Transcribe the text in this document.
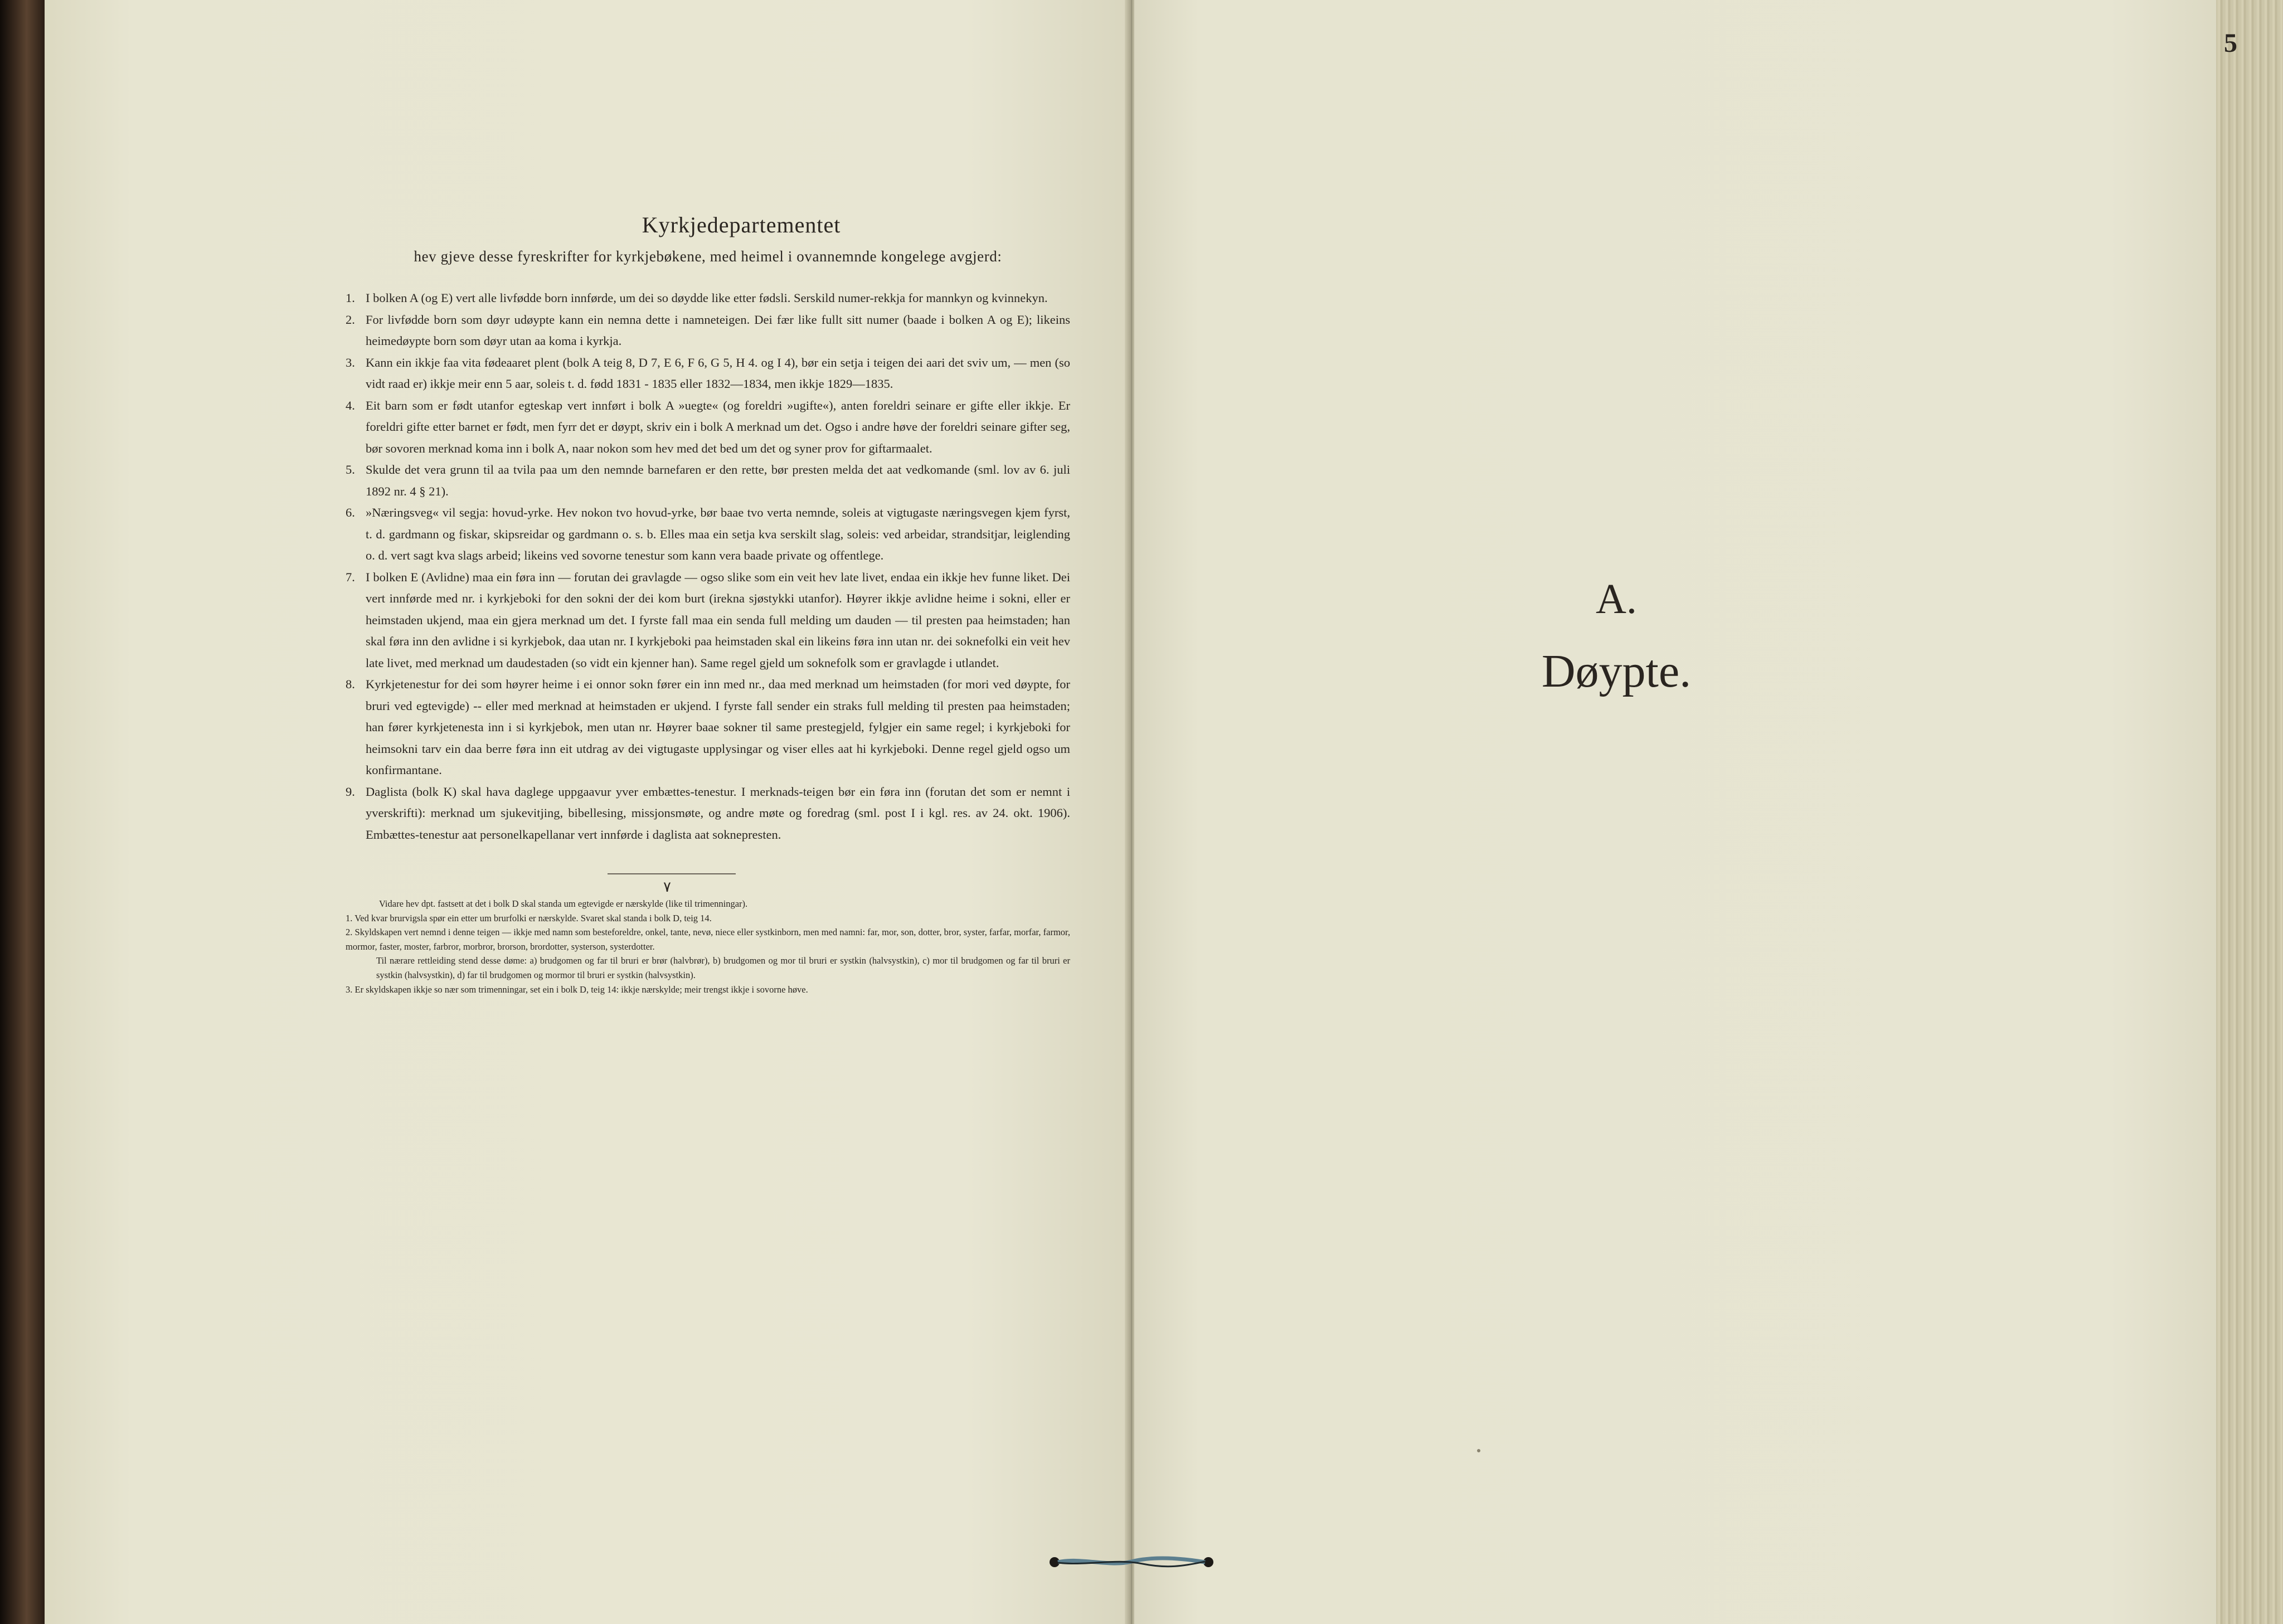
Kyrkjedepartementet

hev gjeve desse fyreskrifter for kyrkjebøkene, med heimel i ovannemnde kongelege avgjerd:

1. I bolken A (og E) vert alle livfødde born innførde, um dei so døydde like etter fødsli. Serskild numer-rekkja for mannkyn og kvinnekyn.
2. For livfødde born som døyr udøypte kann ein nemna dette i namneteigen. Dei fær like fullt sitt numer (baade i bolken A og E); likeins heimedøypte born som døyr utan aa koma i kyrkja.
3. Kann ein ikkje faa vita fødeaaret plent (bolk A teig 8, D 7, E 6, F 6, G 5, H 4. og I 4), bør ein setja i teigen dei aari det sviv um, — men (so vidt raad er) ikkje meir enn 5 aar, soleis t. d. fødd 1831 - 1835 eller 1832—1834, men ikkje 1829—1835.
4. Eit barn som er født utanfor egteskap vert innført i bolk A »uegte« (og foreldri »ugifte«), anten foreldri seinare er gifte eller ikkje. Er foreldri gifte etter barnet er født, men fyrr det er døypt, skriv ein i bolk A merknad um det. Ogso i andre høve der foreldri seinare gifter seg, bør sovoren merknad koma inn i bolk A, naar nokon som hev med det bed um det og syner prov for giftarmaalet.
5. Skulde det vera grunn til aa tvila paa um den nemnde barnefaren er den rette, bør presten melda det aat vedkomande (sml. lov av 6. juli 1892 nr. 4 § 21).
6. »Næringsveg« vil segja: hovud-yrke. Hev nokon tvo hovud-yrke, bør baae tvo verta nemnde, soleis at vigtugaste næringsvegen kjem fyrst, t. d. gardmann og fiskar, skipsreidar og gardmann o. s. b. Elles maa ein setja kva serskilt slag, soleis: ved arbeidar, strandsitjar, leiglending o. d. vert sagt kva slags arbeid; likeins ved sovorne tenestur som kann vera baade private og offentlege.
7. I bolken E (Avlidne) maa ein føra inn — forutan dei gravlagde — ogso slike som ein veit hev late livet, endaa ein ikkje hev funne liket. Dei vert innførde med nr. i kyrkjeboki for den sokni der dei kom burt (irekna sjøstykki utanfor). Høyrer ikkje avlidne heime i sokni, eller er heimstaden ukjend, maa ein gjera merknad um det. I fyrste fall maa ein senda full melding um dauden — til presten paa heimstaden; han skal føra inn den avlidne i si kyrkjebok, daa utan nr. I kyrkjeboki paa heimstaden skal ein likeins føra inn utan nr. dei soknefolki ein veit hev late livet, med merknad um daudestaden (so vidt ein kjenner han). Same regel gjeld um soknefolk som er gravlagde i utlandet.
8. Kyrkjetenestur for dei som høyrer heime i ei onnor sokn fører ein inn med nr., daa med merknad um heimstaden (for mori ved døypte, for bruri ved egtevigde) -- eller med merknad at heimstaden er ukjend. I fyrste fall sender ein straks full melding til presten paa heimstaden; han fører kyrkjetenesta inn i si kyrkjebok, men utan nr. Høyrer baae sokner til same prestegjeld, fylgjer ein same regel; i kyrkjeboki for heimsokni tarv ein daa berre føra inn eit utdrag av dei vigtugaste upplysingar og viser elles aat hi kyrkjeboki. Denne regel gjeld ogso um konfirmantane.
9. Daglista (bolk K) skal hava daglege uppgaavur yver embættes-tenestur. I merknads-teigen bør ein føra inn (forutan det som er nemnt i yverskrifti): merknad um sjukevitjing, bibellesing, missjonsmøte, og andre møte og foredrag (sml. post I i kgl. res. av 24. okt. 1906). Embættes-tenestur aat personelkapellanar vert innførde i daglista aat soknepresten.
٧

Vidare hev dpt. fastsett at det i bolk D skal standa um egtevigde er nærskylde (like til trimenningar).

1. Ved kvar brurvigsla spør ein etter um brurfolki er nærskylde. Svaret skal standa i bolk D, teig 14.

2. Skyldskapen vert nemnd i denne teigen — ikkje med namn som besteforeldre, onkel, tante, nevø, niece eller systkinborn, men med namni: far, mor, son, dotter, bror, syster, farfar, morfar, farmor, mormor, faster, moster, farbror, morbror, brorson, brordotter, systerson, systerdotter.

Til nærare rettleiding stend desse døme: a) brudgomen og far til bruri er brør (halvbrør), b) brudgomen og mor til bruri er systkin (halvsystkin), c) mor til brudgomen og far til bruri er systkin (halvsystkin), d) far til brudgomen og mormor til bruri er systkin (halvsystkin).

3. Er skyldskapen ikkje so nær som trimenningar, set ein i bolk D, teig 14: ikkje nærskylde; meir trengst ikkje i sovorne høve.

5
A.
Døypte.
